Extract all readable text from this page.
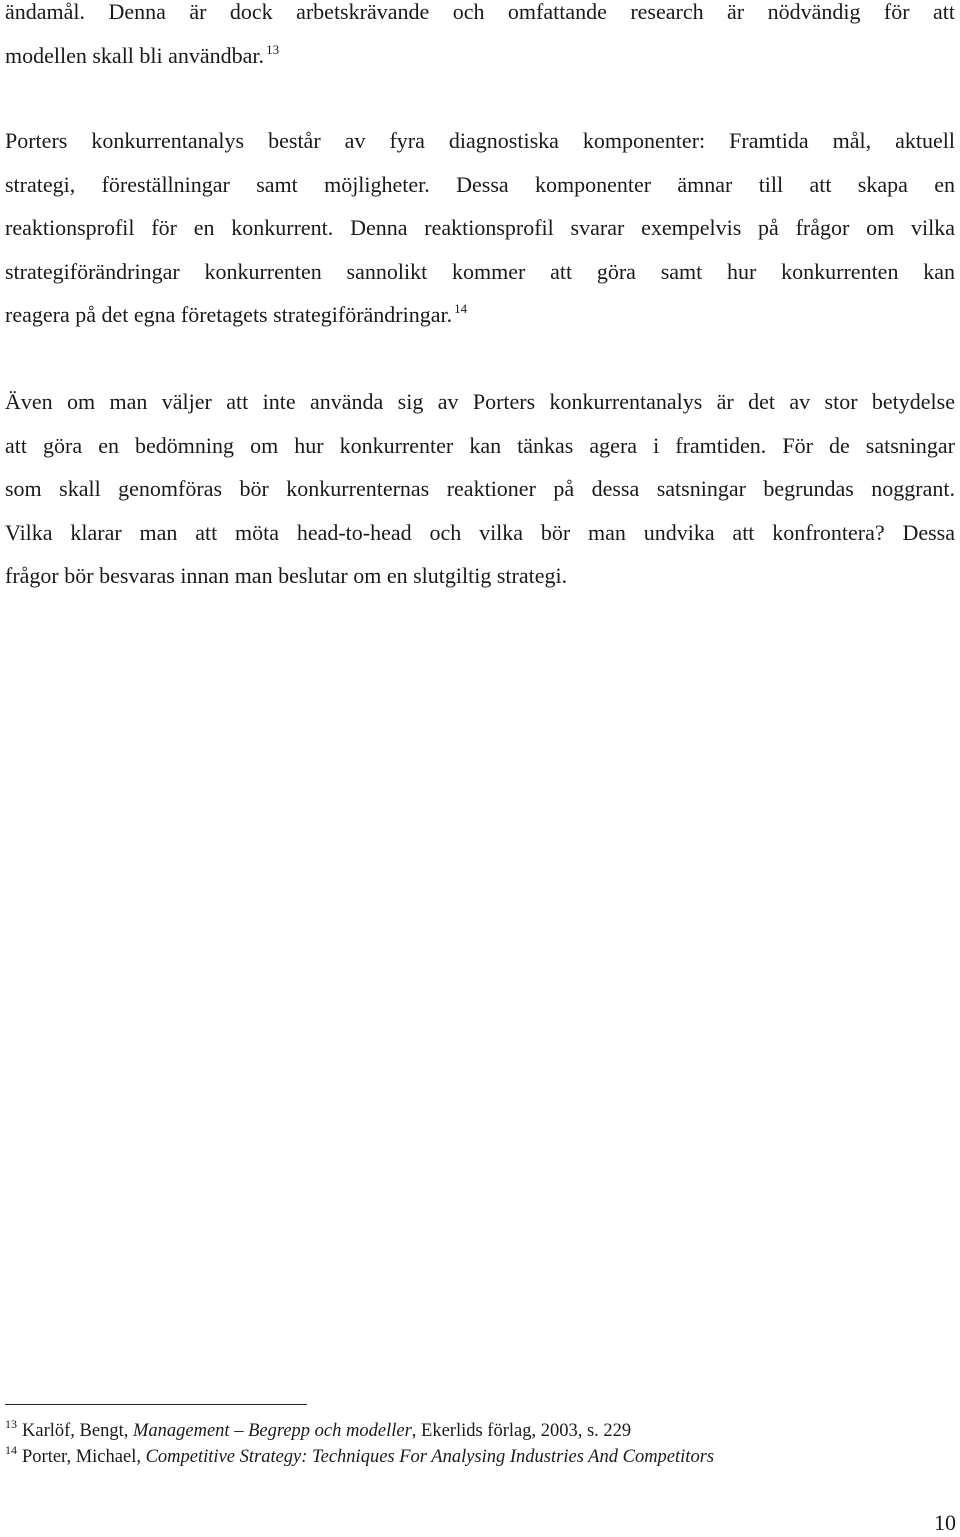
ändamål. Denna är dock arbetskrävande och omfattande research är nödvändig för att
modellen skall bli användbar. $^{13}$

Porters konkurrentanalys består av fyra diagnostiska komponenter: Framtida mål, aktuell
strategi, föreställningar samt möjligheter. Dessa komponenter ämnar till att skapa en
reaktionsprofil för en konkurrent. Denna reaktionsprofil svarar exempelvis på frågor om vilka
strategiförändringar konkurrenten sannolikt kommer att göra samt hur konkurrenten kan
reagera på det egna företagets strategiförändringar. $^{14}$

Även om man väljer att inte använda sig av Porters konkurrentanalys är det av stor betydelse
att göra en bedömning om hur konkurrenter kan tänkas agera i framtiden. För de satsningar
som skall genomföras bör konkurrenternas reaktioner på dessa satsningar begrundas noggrant.
Vilka klarar man att möta head-to-head och vilka bör man undvika att konfrontera? Dessa
frågor bör besvaras innan man beslutar om en slutgiltig strategi.

$^{13}$ Karlöf, Bengt, Management – Begrepp och modeller, Ekerlids förlag, 2003, s. 229
$^{14}$ Porter, Michael, Competitive Strategy: Techniques For Analysing Industries And Competitors
10
